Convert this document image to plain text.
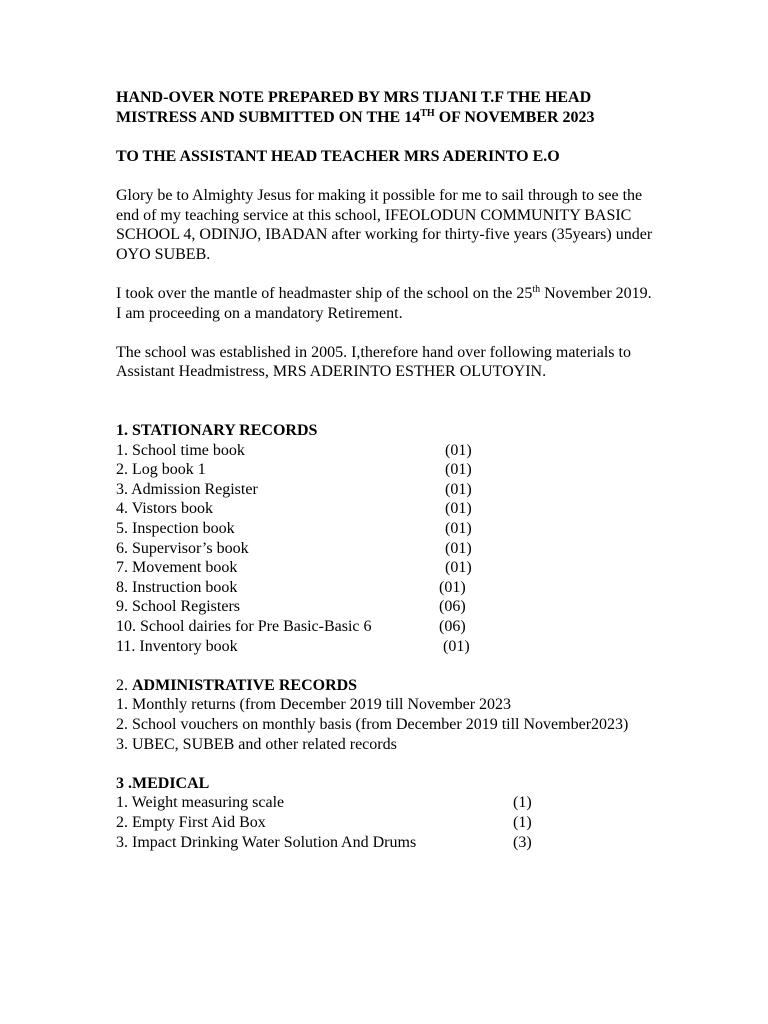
HAND-OVER NOTE PREPARED BY MRS TIJANI T.F THE HEAD MISTRESS AND SUBMITTED ON THE 14TH OF NOVEMBER 2023

TO THE ASSISTANT HEAD TEACHER MRS ADERINTO E.O

Glory be to Almighty Jesus for making it possible for me to sail through to see the end of my teaching service at this school, IFEOLODUN COMMUNITY BASIC SCHOOL 4, ODINJO, IBADAN after working for thirty-five years (35years) under OYO SUBEB.

I took over the mantle of headmaster ship of the school on the 25th November 2019. I am proceeding on a mandatory Retirement.

The school was established in 2005. I,therefore hand over following materials to Assistant Headmistress, MRS ADERINTO ESTHER OLUTOYIN.

1. STATIONARY RECORDS

1. School time book	(01)
2. Log book 1	(01)
3. Admission Register	(01)
4. Vistors book	(01)
5. Inspection book	(01)
6. Supervisor’s book	(01)
7. Movement book	(01)
8. Instruction book	(01)
9. School Registers	(06)
10. School dairies for Pre Basic-Basic 6	(06)
11. Inventory book	(01)

2. ADMINISTRATIVE RECORDS

1. Monthly returns (from December 2019 till November 2023

2. School vouchers on monthly basis (from December 2019 till November2023)

3. UBEC, SUBEB and other related records

3 .MEDICAL

1. Weight measuring scale	(1)
2. Empty First Aid Box	(1)
3. Impact Drinking Water Solution And Drums	(3)
